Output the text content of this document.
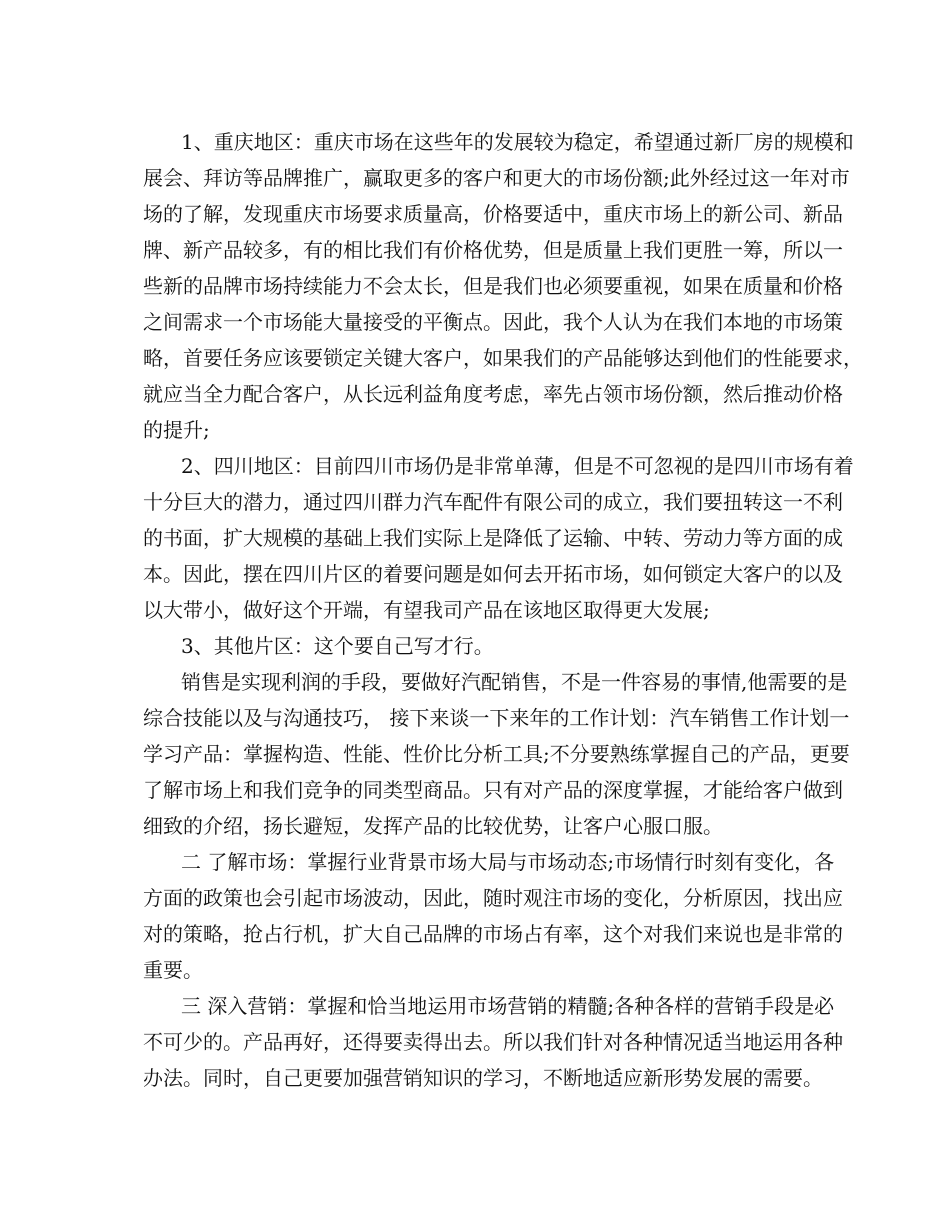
1、重庆地区：重庆市场在这些年的发展较为稳定，希望通过新厂房的规模和
展会、拜访等品牌推广，赢取更多的客户和更大的市场份额;此外经过这一年对市
场的了解，发现重庆市场要求质量高，价格要适中，重庆市场上的新公司、新品
牌、新产品较多，有的相比我们有价格优势，但是质量上我们更胜一筹，所以一
些新的品牌市场持续能力不会太长，但是我们也必须要重视，如果在质量和价格
之间需求一个市场能大量接受的平衡点。因此，我个人认为在我们本地的市场策
略，首要任务应该要锁定关键大客户，如果我们的产品能够达到他们的性能要求，
就应当全力配合客户，从长远利益角度考虑，率先占领市场份额，然后推动价格
的提升;
2、四川地区：目前四川市场仍是非常单薄，但是不可忽视的是四川市场有着
十分巨大的潜力，通过四川群力汽车配件有限公司的成立，我们要扭转这一不利
的书面，扩大规模的基础上我们实际上是降低了运输、中转、劳动力等方面的成
本。因此，摆在四川片区的着要问题是如何去开拓市场，如何锁定大客户的以及
以大带小，做好这个开端，有望我司产品在该地区取得更大发展;
3、其他片区：这个要自己写才行。
销售是实现利润的手段，要做好汽配销售，不是一件容易的事情,他需要的是
综合技能以及与沟通技巧， 接下来谈一下来年的工作计划：汽车销售工作计划一
学习产品：掌握构造、性能、性价比分析工具;不分要熟练掌握自己的产品，更要
了解市场上和我们竞争的同类型商品。只有对产品的深度掌握，才能给客户做到
细致的介绍，扬长避短，发挥产品的比较优势，让客户心服口服。
二 了解市场：掌握行业背景市场大局与市场动态;市场情行时刻有变化，各
方面的政策也会引起市场波动，因此，随时观注市场的变化，分析原因，找出应
对的策略，抢占行机，扩大自己品牌的市场占有率，这个对我们来说也是非常的
重要。
三 深入营销：掌握和恰当地运用市场营销的精髓;各种各样的营销手段是必
不可少的。产品再好，还得要卖得出去。所以我们针对各种情况适当地运用各种
办法。同时，自己更要加强营销知识的学习，不断地适应新形势发展的需要。
